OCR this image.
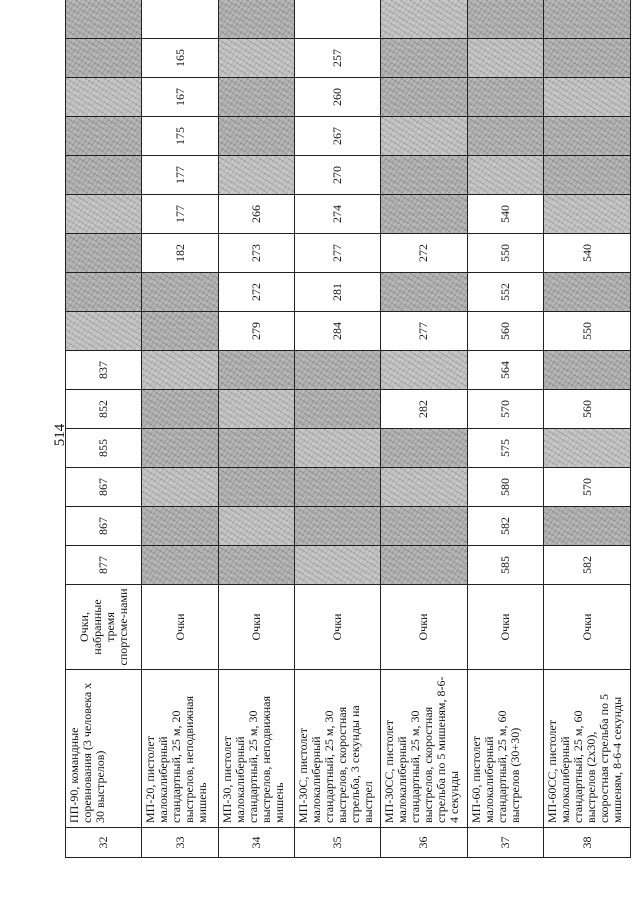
514
32	ПП-90, командные соревнования (3 человека x 30 выстрелов)	Очки, набранные тремя спортсме-нами	877	867	867	855	852	837									
33	МП-20, пистолет малокалиберный стандартный, 25 м, 20 выстрелов, неподвижная мишень	Очки									182	177	177	175	167	165	
34	МП-30, пистолет малокалиберный стандартный, 25 м, 30 выстрелов, неподвижная мишень	Очки							279	272	273	266					
35	МП-30С, пистолет малокалиберный стандартный, 25 м, 30 выстрелов, скоростная стрельба, 3 секунды на выстрел	Очки							284	281	277	274	270	267	260	257	
36	МП-30СС, пистолет малокалиберный стандартный, 25 м, 30 выстрелов, скоростная стрельба по 5 мишеням, 8-6-4 секунды	Очки					282		277		272						
37	МП-60, пистолет малокалиберный стандартный, 25 м, 60 выстрелов (30+30)	Очки	585	582	580	575	570	564	560	552	550	540					
38	МП-60СС, пистолет малокалиберный стандартный, 25 м, 60 выстрелов (2х30), скоростная стрельба по 5 мишеням, 8-6-4 секунды	Очки	582		570		560		550		540						
